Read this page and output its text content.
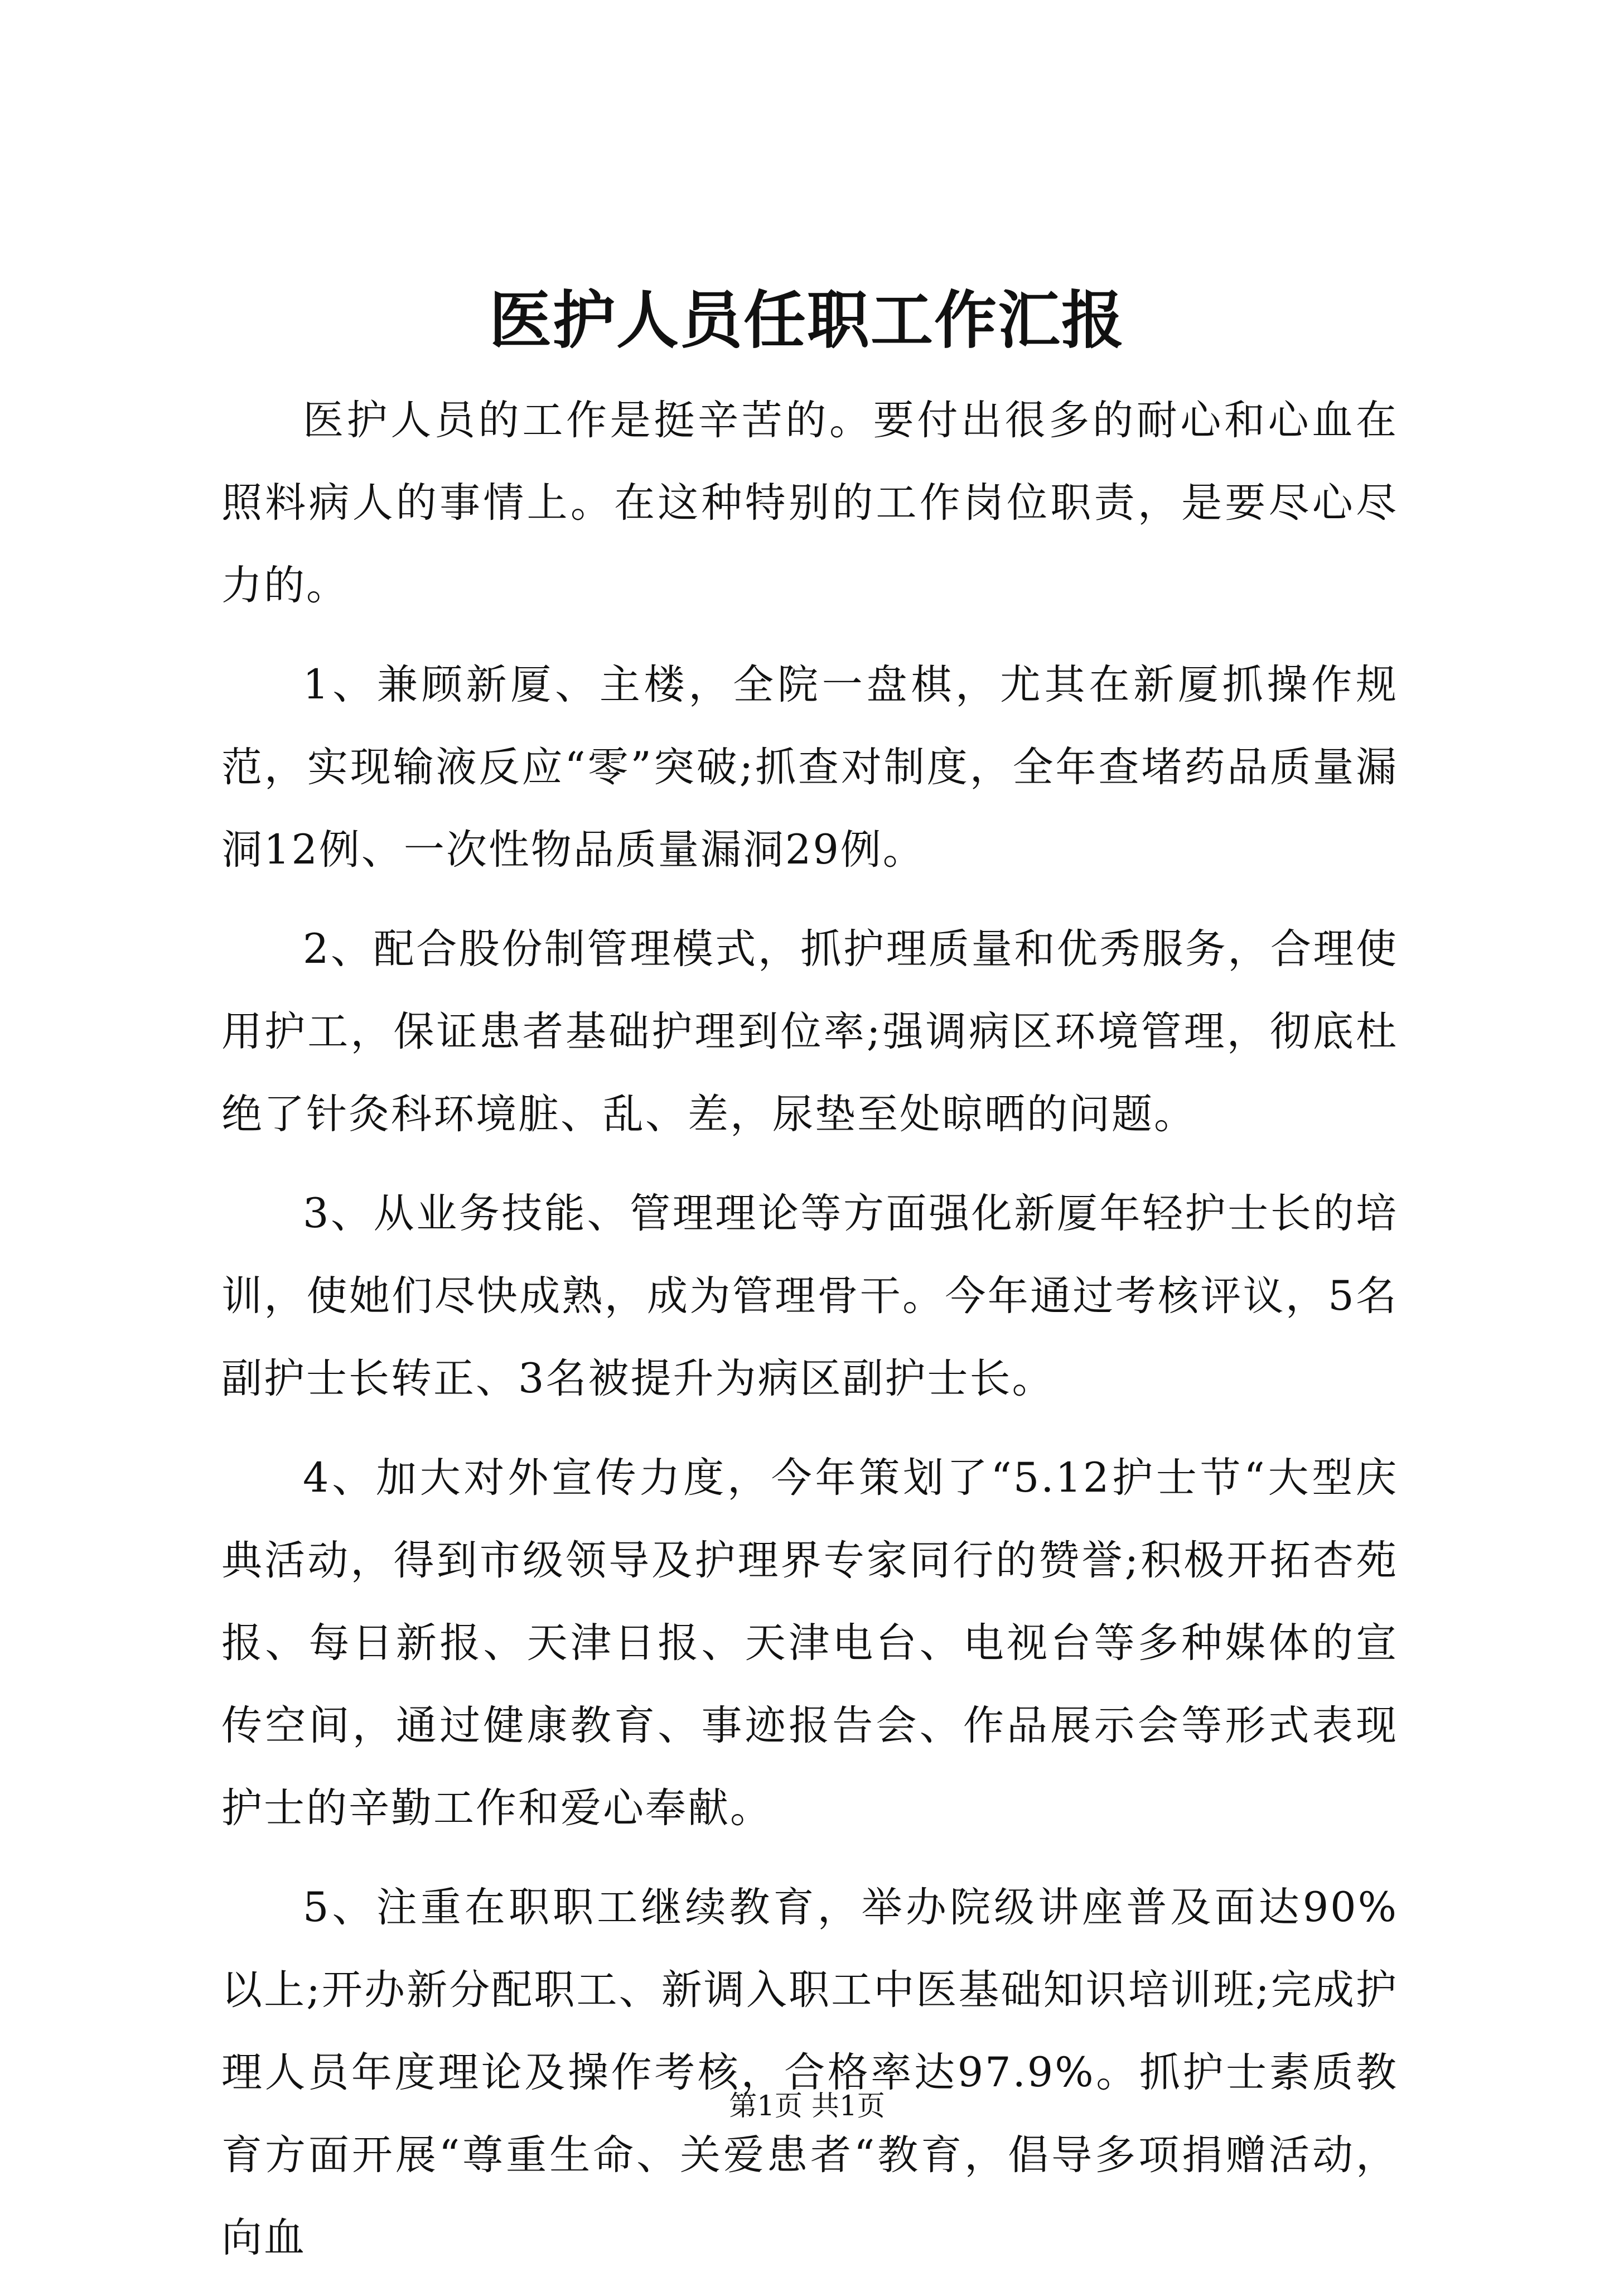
医护人员任职工作汇报

医护人员的工作是挺辛苦的。要付出很多的耐心和心血在照料病人的事情上。在这种特别的工作岗位职责，是要尽心尽力的。

1、兼顾新厦、主楼，全院一盘棋，尤其在新厦抓操作规范，实现输液反应“零”突破;抓查对制度，全年查堵药品质量漏洞12例、一次性物品质量漏洞29例。

2、配合股份制管理模式，抓护理质量和优秀服务，合理使用护工，保证患者基础护理到位率;强调病区环境管理，彻底杜绝了针灸科环境脏、乱、差，尿垫至处晾晒的问题。

3、从业务技能、管理理论等方面强化新厦年轻护士长的培训，使她们尽快成熟，成为管理骨干。今年通过考核评议，5名副护士长转正、3名被提升为病区副护士长。

4、加大对外宣传力度，今年策划了“5.12护士节“大型庆典活动，得到市级领导及护理界专家同行的赞誉;积极开拓杏苑报、每日新报、天津日报、天津电台、电视台等多种媒体的宣传空间，通过健康教育、事迹报告会、作品展示会等形式表现护士的辛勤工作和爱心奉献。

5、注重在职职工继续教育，举办院级讲座普及面达90%以上;开办新分配职工、新调入职工中医基础知识培训班;完成护理人员年度理论及操作考核，合格率达97.9%。抓护士素质教育方面开展“尊重生命、关爱患者“教育，倡导多项捐赠活动，向血

第1页 共1页
